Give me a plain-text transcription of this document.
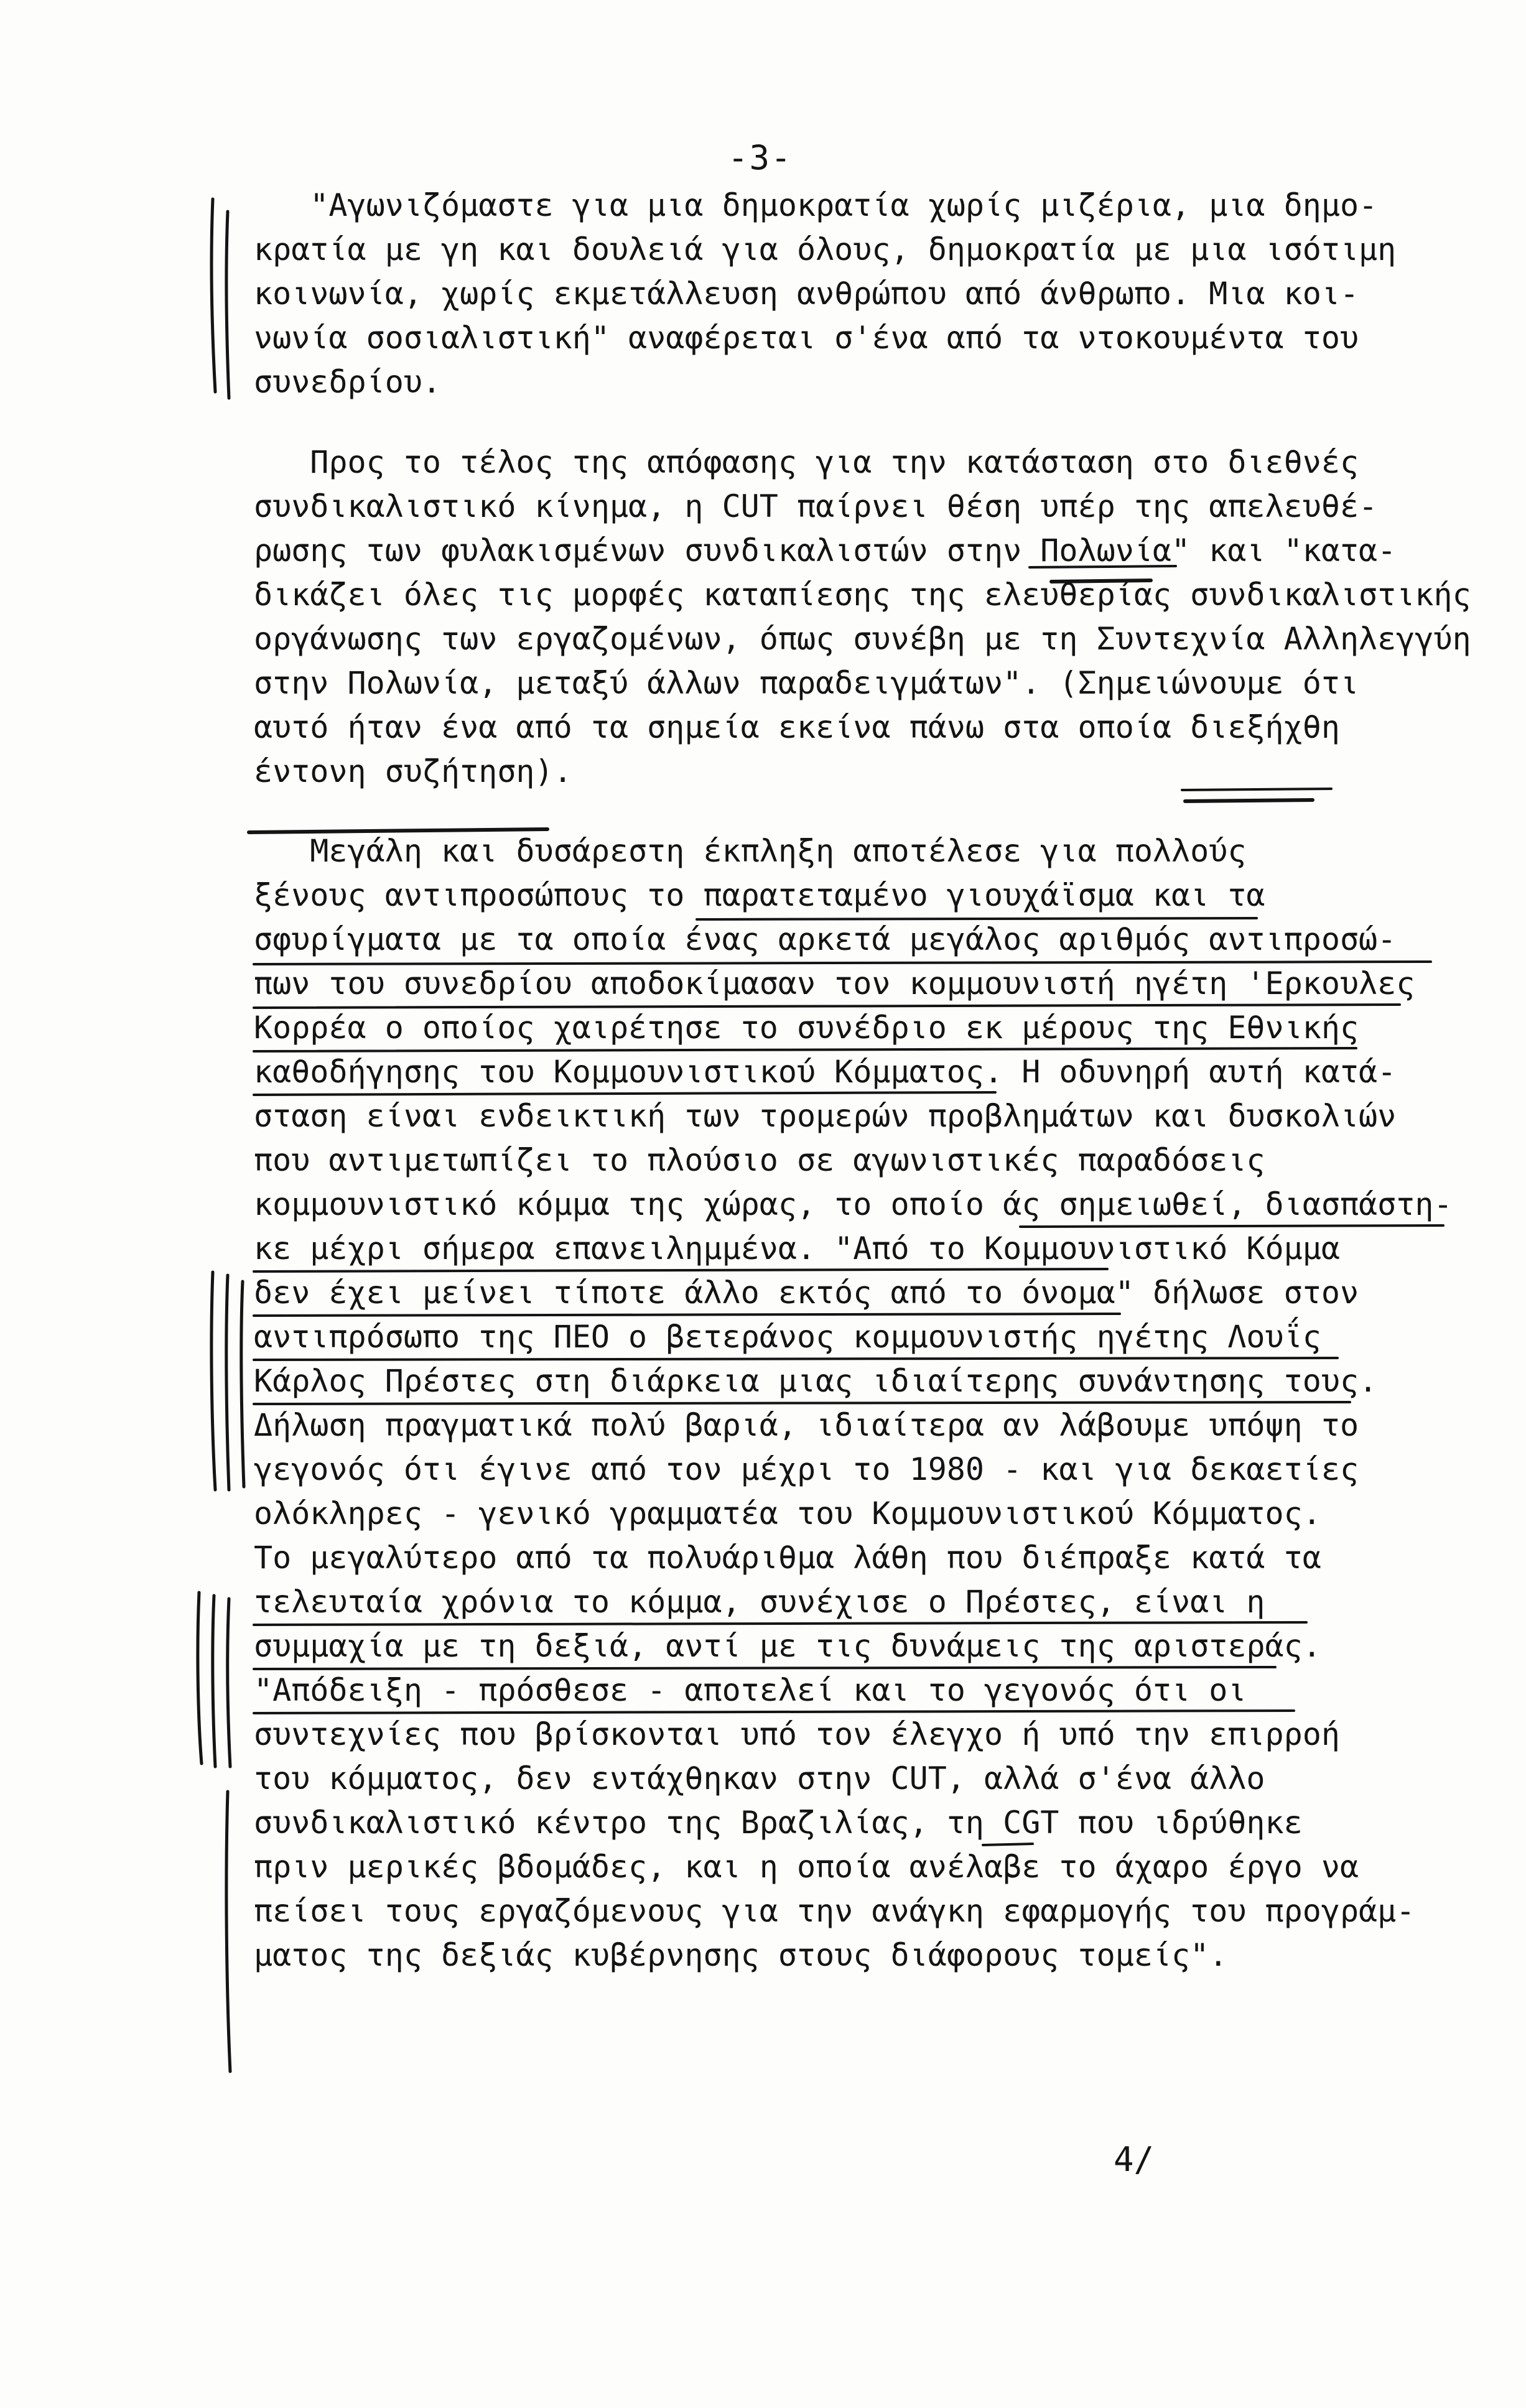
-3-
"Αγωνιζόμαστε για μια δημοκρατία χωρίς μιζέρια, μια δημο-
κρατία με γη και δουλειά για όλους, δημοκρατία με μια ισότιμη
κοινωνία, χωρίς εκμετάλλευση ανθρώπου από άνθρωπο. Μια κοι-
νωνία σοσιαλιστική" αναφέρεται σ'ένα από τα ντοκουμέντα του
συνεδρίου.
Προς το τέλος της απόφασης για την κατάσταση στο διεθνές
συνδικαλιστικό κίνημα, η CUT παίρνει θέση υπέρ της απελευθέ-
ρωσης των φυλακισμένων συνδικαλιστών στην Πολωνία" και "κατα-
δικάζει όλες τις μορφές καταπίεσης της ελευθερίας συνδικαλιστικής
οργάνωσης των εργαζομένων, όπως συνέβη με τη Συντεχνία Αλληλεγγύη
στην Πολωνία, μεταξύ άλλων παραδειγμάτων". (Σημειώνουμε ότι
αυτό ήταν ένα από τα σημεία εκείνα πάνω στα οποία διεξήχθη
έντονη συζήτηση).
Μεγάλη και δυσάρεστη έκπληξη αποτέλεσε για πολλούς
ξένους αντιπροσώπους το παρατεταμένο γιουχάϊσμα και τα
σφυρίγματα με τα οποία ένας αρκετά μεγάλος αριθμός αντιπροσώ-
πων του συνεδρίου αποδοκίμασαν τον κομμουνιστή ηγέτη 'Ερκουλες
Κορρέα ο οποίος χαιρέτησε το συνέδριο εκ μέρους της Εθνικής
καθοδήγησης του Κομμουνιστικού Κόμματος. Η οδυνηρή αυτή κατά-
σταση είναι ενδεικτική των τρομερών προβλημάτων και δυσκολιών
που αντιμετωπίζει το πλούσιο σε αγωνιστικές παραδόσεις
κομμουνιστικό κόμμα της χώρας, το οποίο άς σημειωθεί, διασπάστη-
κε μέχρι σήμερα επανειλημμένα. "Από το Κομμουνιστικό Κόμμα
δεν έχει μείνει τίποτε άλλο εκτός από το όνομα" δήλωσε στον
αντιπρόσωπο της ΠΕΟ ο βετεράνος κομμουνιστής ηγέτης Λουΐς
Κάρλος Πρέστες στη διάρκεια μιας ιδιαίτερης συνάντησης τους.
Δήλωση πραγματικά πολύ βαριά, ιδιαίτερα αν λάβουμε υπόψη το
γεγονός ότι έγινε από τον μέχρι το 1980 - και για δεκαετίες
ολόκληρες - γενικό γραμματέα του Κομμουνιστικού Κόμματος.
Το μεγαλύτερο από τα πολυάριθμα λάθη που διέπραξε κατά τα
τελευταία χρόνια το κόμμα, συνέχισε ο Πρέστες, είναι η
συμμαχία με τη δεξιά, αντί με τις δυνάμεις της αριστεράς.
"Απόδειξη - πρόσθεσε - αποτελεί και το γεγονός ότι οι
συντεχνίες που βρίσκονται υπό τον έλεγχο ή υπό την επιρροή
του κόμματος, δεν εντάχθηκαν στην CUT, αλλά σ'ένα άλλο
συνδικαλιστικό κέντρο της Βραζιλίας, τη CGT που ιδρύθηκε
πριν μερικές βδομάδες, και η οποία ανέλαβε το άχαρο έργο να
πείσει τους εργαζόμενους για την ανάγκη εφαρμογής του προγράμ-
ματος της δεξιάς κυβέρνησης στους διάφορους τομείς".
4/
